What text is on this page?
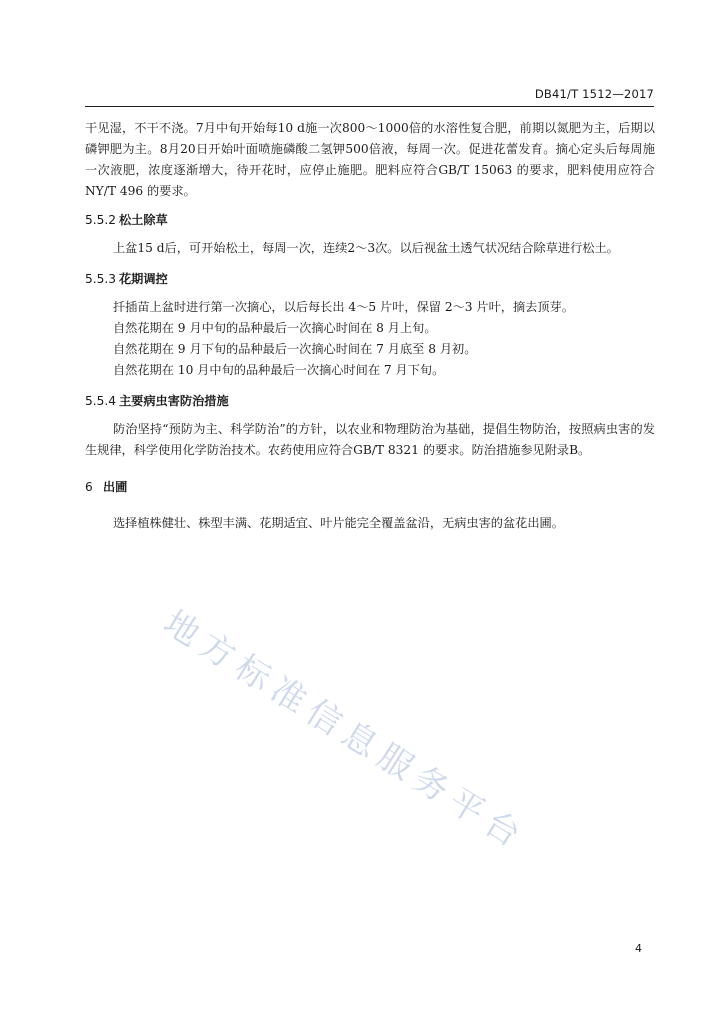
DB41/T 1512—2017

干见湿，不干不浇。7月中旬开始每10 d施一次800～1000倍的水溶性复合肥，前期以氮肥为主，后期以磷钾肥为主。8月20日开始叶面喷施磷酸二氢钾500倍液，每周一次。促进花蕾发育。摘心定头后每周施一次液肥，浓度逐渐增大，待开花时，应停止施肥。肥料应符合GB/T 15063 的要求，肥料使用应符合NY/T 496 的要求。

5.5.2 松土除草

上盆15 d后，可开始松土，每周一次，连续2～3次。以后视盆土透气状况结合除草进行松土。

5.5.3 花期调控

扦插苗上盆时进行第一次摘心，以后每长出 4～5 片叶，保留 2～3 片叶，摘去顶芽。

自然花期在 9 月中旬的品种最后一次摘心时间在 8 月上旬。

自然花期在 9 月下旬的品种最后一次摘心时间在 7 月底至 8 月初。

自然花期在 10 月中旬的品种最后一次摘心时间在 7 月下旬。

5.5.4 主要病虫害防治措施

防治坚持“预防为主、科学防治”的方针，以农业和物理防治为基础，提倡生物防治，按照病虫害的发生规律，科学使用化学防治技术。农药使用应符合GB/T 8321 的要求。防治措施参见附录B。

6 出圃

选择植株健壮、株型丰满、花期适宜、叶片能完全覆盖盆沿，无病虫害的盆花出圃。

地方标准信息服务平台
4
